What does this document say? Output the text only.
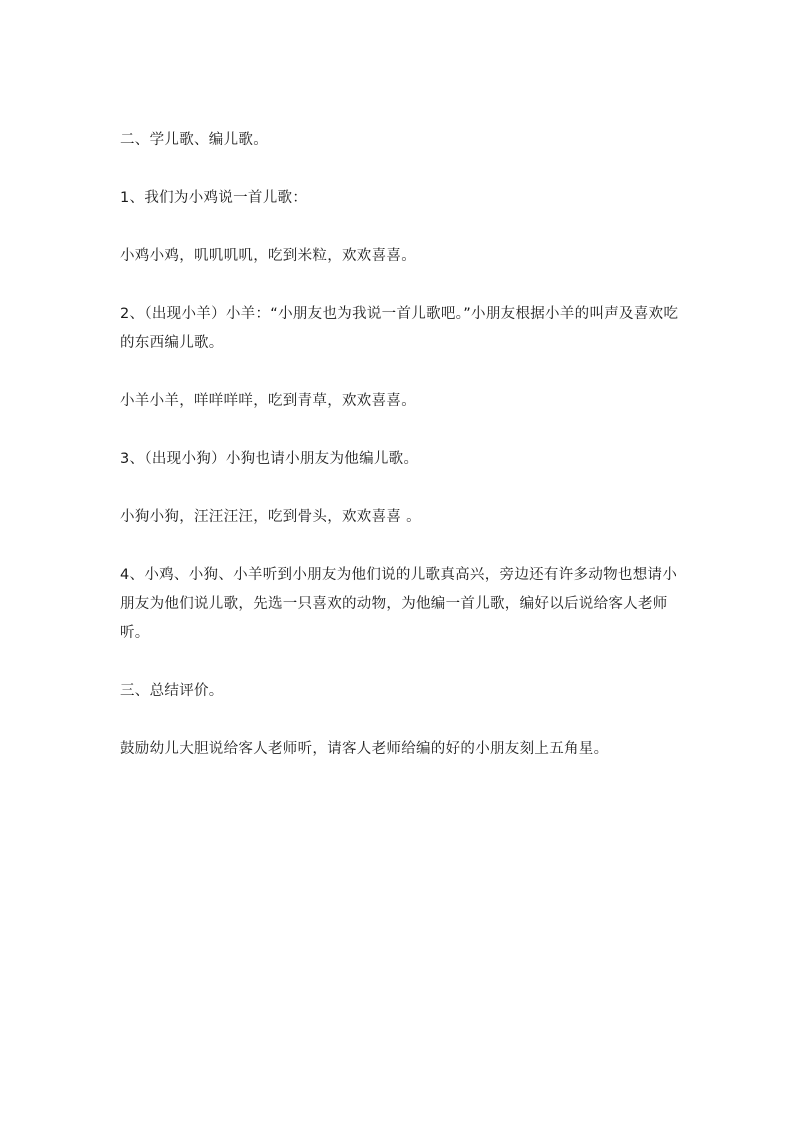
二、学儿歌、编儿歌。
1、我们为小鸡说一首儿歌：
小鸡小鸡，叽叽叽叽，吃到米粒，欢欢喜喜。
2、（出现小羊）小羊：“小朋友也为我说一首儿歌吧。”小朋友根据小羊的叫声及喜欢吃的东西编儿歌。
小羊小羊，咩咩咩咩，吃到青草，欢欢喜喜。
3、（出现小狗）小狗也请小朋友为他编儿歌。
小狗小狗，汪汪汪汪，吃到骨头，欢欢喜喜 。
4、小鸡、小狗、小羊听到小朋友为他们说的儿歌真高兴，旁边还有许多动物也想请小朋友为他们说儿歌，先选一只喜欢的动物，为他编一首儿歌，编好以后说给客人老师听。
三、总结评价。
鼓励幼儿大胆说给客人老师听，请客人老师给编的好的小朋友刻上五角星。
